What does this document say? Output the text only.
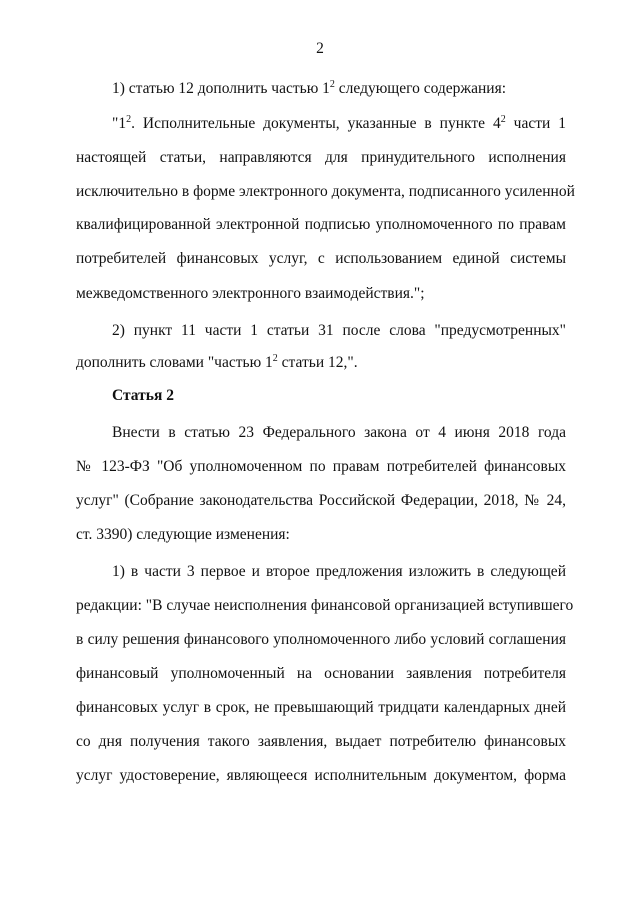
2
1) статью 12 дополнить частью $1^2$ следующего содержания:
"$1^2$. Исполнительные документы, указанные в пункте $4^2$ части 1
настоящей статьи, направляются для принудительного исполнения
исключительно в форме электронного документа, подписанного усиленной
квалифицированной электронной подписью уполномоченного по правам
потребителей финансовых услуг, с использованием единой системы
межведомственного электронного взаимодействия.";
2) пункт 11 части 1 статьи 31 после слова "предусмотренных"
дополнить словами "частью $1^2$ статьи 12,".
Статья 2
Внести в статью 23 Федерального закона от 4 июня 2018 года
№ 123-ФЗ "Об уполномоченном по правам потребителей финансовых
услуг" (Собрание законодательства Российской Федерации, 2018, № 24,
ст. 3390) следующие изменения:
1) в части 3 первое и второе предложения изложить в следующей
редакции: "В случае неисполнения финансовой организацией вступившего
в силу решения финансового уполномоченного либо условий соглашения
финансовый уполномоченный на основании заявления потребителя
финансовых услуг в срок, не превышающий тридцати календарных дней
со дня получения такого заявления, выдает потребителю финансовых
услуг удостоверение, являющееся исполнительным документом, форма
